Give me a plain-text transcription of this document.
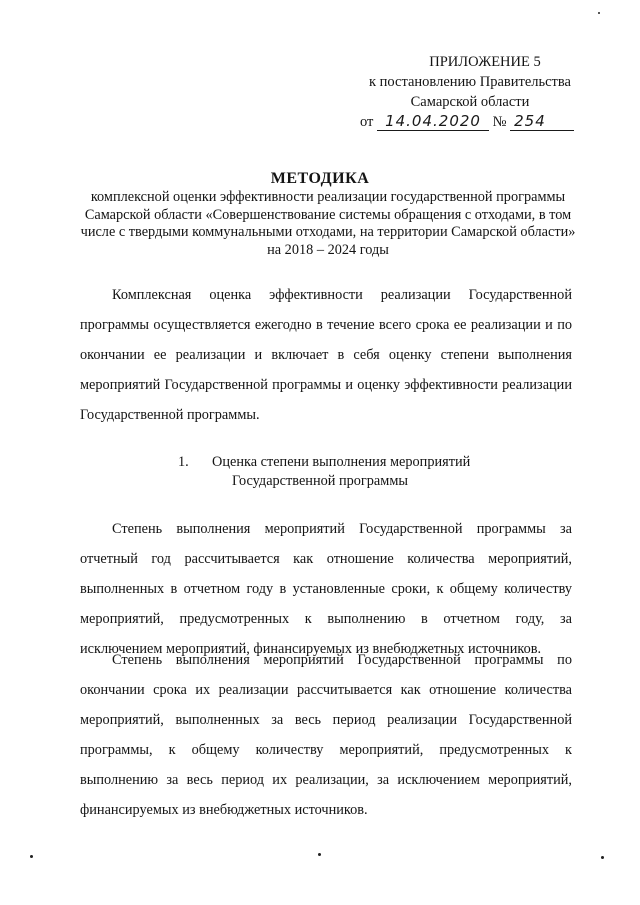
ПРИЛОЖЕНИЕ 5
к постановлению Правительства
Самарской области
от 14.04.2020 № 254
МЕТОДИКА
комплексной оценки эффективности реализации государственной программы Самарской области «Совершенствование системы обращения с отходами, в том числе с твердыми коммунальными отходами, на территории Самарской области» на 2018 – 2024 годы
Комплексная оценка эффективности реализации Государственной программы осуществляется ежегодно в течение всего срока ее реализации и по окончании ее реализации и включает в себя оценку степени выполнения мероприятий Государственной программы и оценку эффективности реализации Государственной программы.
1. Оценка степени выполнения мероприятий
Государственной программы
Степень выполнения мероприятий Государственной программы за отчетный год рассчитывается как отношение количества мероприятий, выполненных в отчетном году в установленные сроки, к общему количеству мероприятий, предусмотренных к выполнению в отчетном году, за исключением мероприятий, финансируемых из внебюджетных источников.
Степень выполнения мероприятий Государственной программы по окончании срока их реализации рассчитывается как отношение количества мероприятий, выполненных за весь период реализации Государственной программы, к общему количеству мероприятий, предусмотренных к выполнению за весь период их реализации, за исключением мероприятий, финансируемых из внебюджетных источников.
